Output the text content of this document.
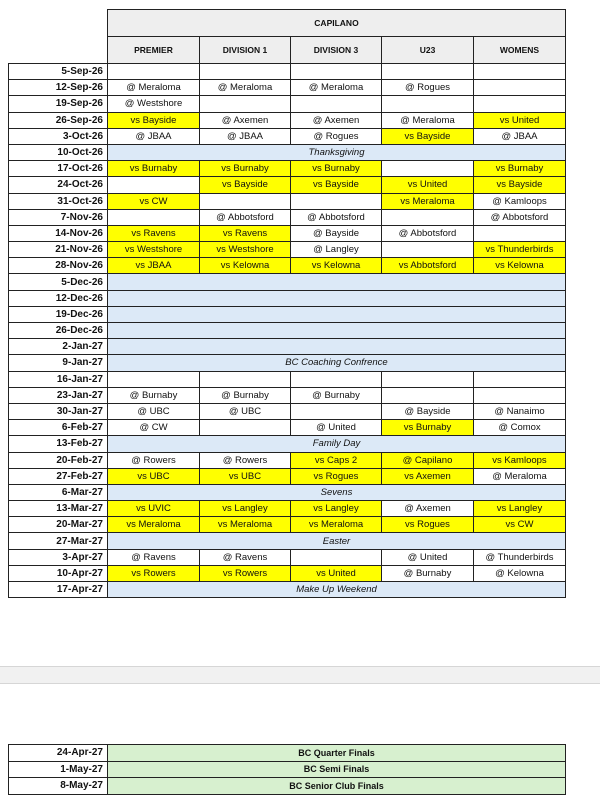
	CAPILANO				
	PREMIER	DIVISION 1	DIVISION 3	U23	WOMENS
5-Sep-26					
12-Sep-26	@ Meraloma	@ Meraloma	@ Meraloma	@ Rogues	
19-Sep-26	@ Westshore				
26-Sep-26	vs Bayside	@ Axemen	@ Axemen	@ Meraloma	vs United
3-Oct-26	@ JBAA	@ JBAA	@ Rogues	vs Bayside	@ JBAA
10-Oct-26	Thanksgiving				
17-Oct-26	vs Burnaby	vs Burnaby	vs Burnaby		vs Burnaby
24-Oct-26		vs Bayside	vs Bayside	vs United	vs Bayside
31-Oct-26	vs CW			vs Meraloma	@ Kamloops
7-Nov-26		@ Abbotsford	@ Abbotsford		@ Abbotsford
14-Nov-26	vs Ravens	vs Ravens	@ Bayside	@ Abbotsford	
21-Nov-26	vs Westshore	vs Westshore	@ Langley		vs Thunderbirds
28-Nov-26	vs JBAA	vs Kelowna	vs Kelowna	vs Abbotsford	vs Kelowna
5-Dec-26					
12-Dec-26					
19-Dec-26					
26-Dec-26					
2-Jan-27					
9-Jan-27	BC Coaching Confrence				
16-Jan-27					
23-Jan-27	@ Burnaby	@ Burnaby	@ Burnaby		
30-Jan-27	@ UBC	@ UBC		@ Bayside	@ Nanaimo
6-Feb-27	@ CW		@ United	vs Burnaby	@ Comox
13-Feb-27	Family Day				
20-Feb-27	@ Rowers	@ Rowers	vs Caps 2	@ Capilano	vs Kamloops
27-Feb-27	vs UBC	vs UBC	vs Rogues	vs Axemen	@ Meraloma
6-Mar-27	Sevens				
13-Mar-27	vs UVIC	vs Langley	vs Langley	@ Axemen	vs Langley
20-Mar-27	vs Meraloma	vs Meraloma	vs Meraloma	vs Rogues	vs CW
27-Mar-27	Easter				
3-Apr-27	@ Ravens	@ Ravens		@ United	@ Thunderbirds
10-Apr-27	vs Rowers	vs Rowers	vs United	@ Burnaby	@ Kelowna
17-Apr-27	Make Up Weekend				
24-Apr-27	BC Quarter Finals
1-May-27	BC Semi Finals
8-May-27	BC Senior Club Finals
